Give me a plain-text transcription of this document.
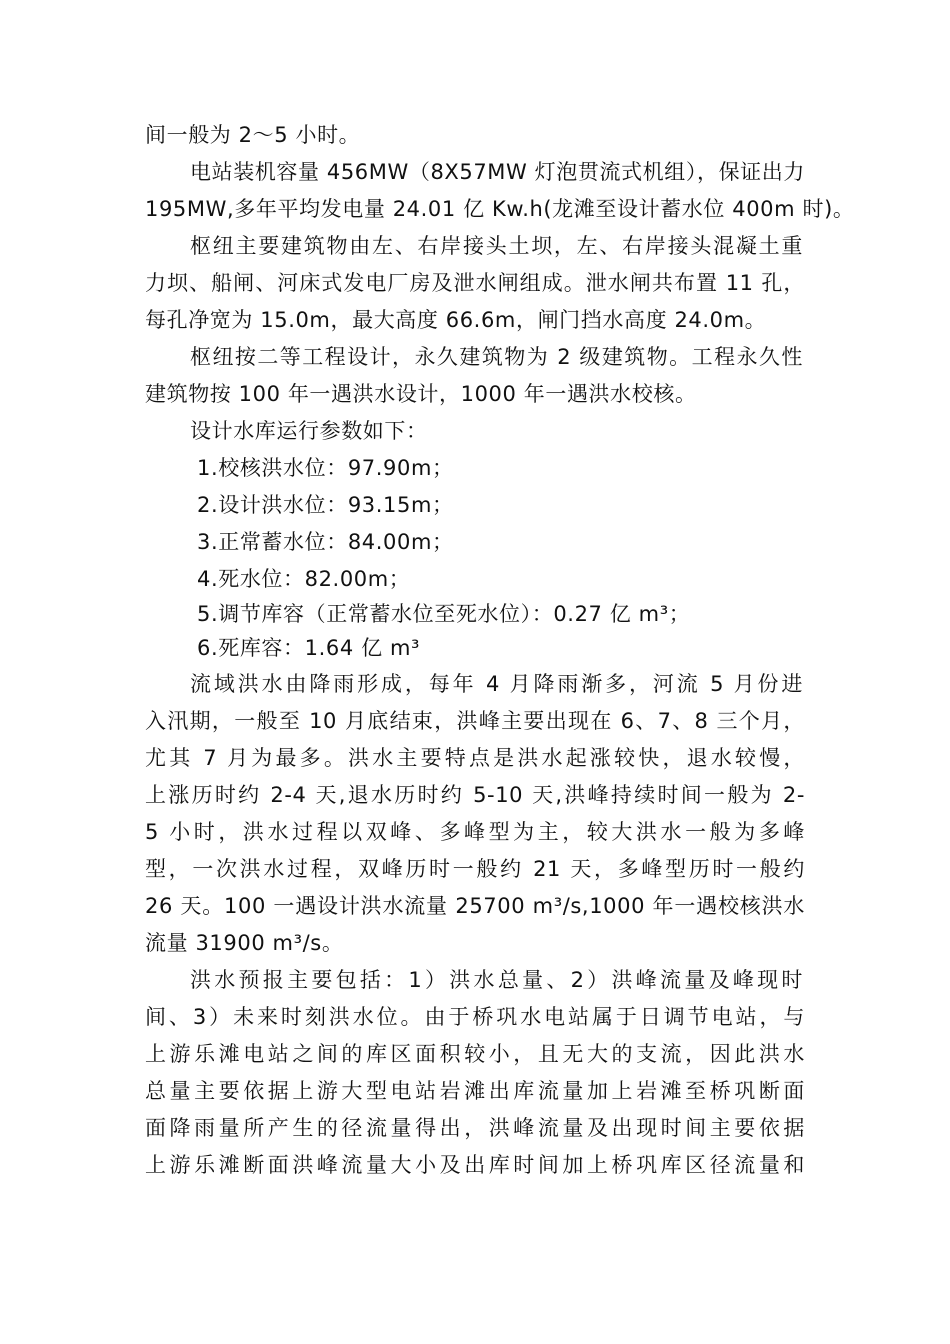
间一般为 2～5 小时。
电站装机容量 456MW（8X57MW 灯泡贯流式机组），保证出力
195MW,多年平均发电量 24.01 亿 Kw.h(龙滩至设计蓄水位 400m 时)。
枢纽主要建筑物由左、右岸接头土坝，左、右岸接头混凝土重
力坝、船闸、河床式发电厂房及泄水闸组成。泄水闸共布置 11 孔，
每孔净宽为 15.0m，最大高度 66.6m，闸门挡水高度 24.0m。
枢纽按二等工程设计，永久建筑物为 2 级建筑物。工程永久性
建筑物按 100 年一遇洪水设计，1000 年一遇洪水校核。
设计水库运行参数如下：
1.校核洪水位：97.90m；
2.设计洪水位：93.15m；
3.正常蓄水位：84.00m；
4.死水位：82.00m；
5.调节库容（正常蓄水位至死水位）：0.27 亿 m³；
6.死库容：1.64 亿 m³
流域洪水由降雨形成，每年 4 月降雨渐多，河流 5 月份进
入汛期，一般至 10 月底结束，洪峰主要出现在 6、7、8 三个月，
尤其 7 月为最多。洪水主要特点是洪水起涨较快，退水较慢，
上涨历时约 2-4 天,退水历时约 5-10 天,洪峰持续时间一般为 2-
5 小时，洪水过程以双峰、多峰型为主，较大洪水一般为多峰
型，一次洪水过程，双峰历时一般约 21 天，多峰型历时一般约
26 天。100 一遇设计洪水流量 25700 m³/s,1000 年一遇校核洪水
流量 31900 m³/s。
洪水预报主要包括：1）洪水总量、2）洪峰流量及峰现时
间、3）未来时刻洪水位。由于桥巩水电站属于日调节电站，与
上游乐滩电站之间的库区面积较小，且无大的支流，因此洪水
总量主要依据上游大型电站岩滩出库流量加上岩滩至桥巩断面
面降雨量所产生的径流量得出，洪峰流量及出现时间主要依据
上游乐滩断面洪峰流量大小及出库时间加上桥巩库区径流量和
